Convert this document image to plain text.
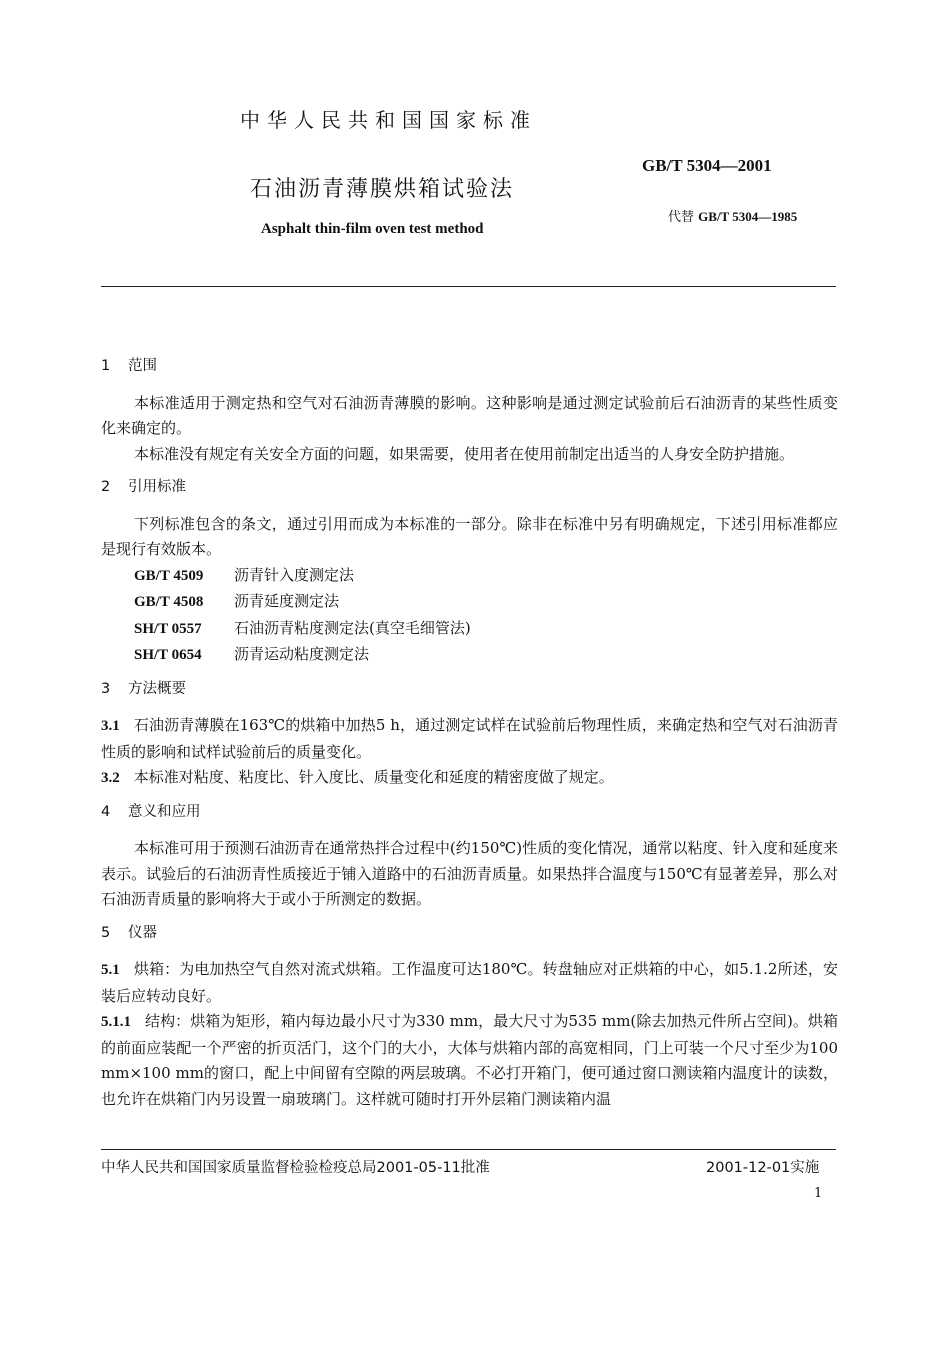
中华人民共和国国家标准
GB/T 5304—2001
石油沥青薄膜烘箱试验法
代替 GB/T 5304—1985
Asphalt thin-film oven test method

1 范围

本标准适用于测定热和空气对石油沥青薄膜的影响。这种影响是通过测定试验前后石油沥青的某些性质变化来确定的。

本标准没有规定有关安全方面的问题，如果需要，使用者在使用前制定出适当的人身安全防护措施。

2 引用标准

下列标准包含的条文，通过引用而成为本标准的一部分。除非在标准中另有明确规定，下述引用标准都应是现行有效版本。

GB/T 4509 沥青针入度测定法

GB/T 4508 沥青延度测定法

SH/T 0557 石油沥青粘度测定法(真空毛细管法)

SH/T 0654 沥青运动粘度测定法

3 方法概要

3.1 石油沥青薄膜在163℃的烘箱中加热5 h，通过测定试样在试验前后物理性质，来确定热和空气对石油沥青性质的影响和试样试验前后的质量变化。

3.2 本标准对粘度、粘度比、针入度比、质量变化和延度的精密度做了规定。

4 意义和应用

本标准可用于预测石油沥青在通常热拌合过程中(约150℃)性质的变化情况，通常以粘度、针入度和延度来表示。试验后的石油沥青性质接近于铺入道路中的石油沥青质量。如果热拌合温度与150℃有显著差异，那么对石油沥青质量的影响将大于或小于所测定的数据。

5 仪器

5.1 烘箱：为电加热空气自然对流式烘箱。工作温度可达180℃。转盘轴应对正烘箱的中心，如5.1.2所述，安装后应转动良好。

5.1.1 结构：烘箱为矩形，箱内每边最小尺寸为330 mm，最大尺寸为535 mm(除去加热元件所占空间)。烘箱的前面应装配一个严密的折页活门，这个门的大小，大体与烘箱内部的高宽相同，门上可装一个尺寸至少为100 mm×100 mm的窗口，配上中间留有空隙的两层玻璃。不必打开箱门，便可通过窗口测读箱内温度计的读数，也允许在烘箱门内另设置一扇玻璃门。这样就可随时打开外层箱门测读箱内温

中华人民共和国国家质量监督检验检疫总局2001-05-11批准	2001-12-01实施
1
